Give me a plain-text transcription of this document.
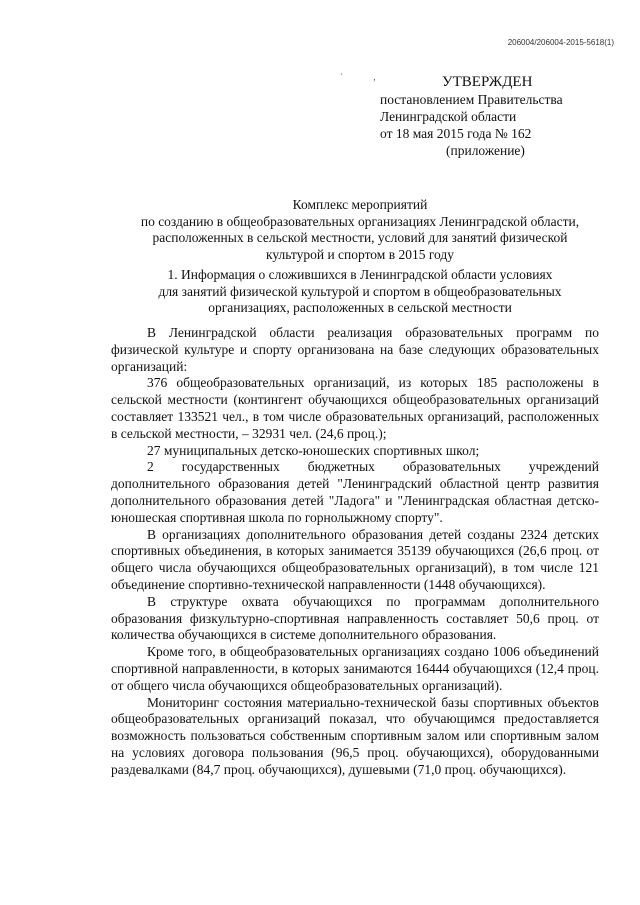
206004/206004-2015-5618(1)
` ,	УТВЕРЖДЕН
постановлением Правительства
Ленинградской области
от 18 мая 2015 года № 162
(приложение)
Комплекс мероприятий
по созданию в общеобразовательных организациях Ленинградской области,
расположенных в сельской местности, условий для занятий физической
культурой и спортом в 2015 году
1. Информация о сложившихся в Ленинградской области условиях
для занятий физической культурой и спортом в общеобразовательных
организациях, расположенных в сельской местности

В Ленинградской области реализация образовательных программ по физической культуре и спорту организована на базе следующих образовательных организаций:

376 общеобразовательных организаций, из которых 185 расположены в сельской местности (контингент обучающихся общеобразовательных организаций составляет 133521 чел., в том числе образовательных организаций, расположенных в сельской местности, – 32931 чел. (24,6 проц.);

27 муниципальных детско-юношеских спортивных школ;

2 государственных бюджетных образовательных учреждений дополнительного образования детей "Ленинградский областной центр развития дополнительного образования детей "Ладога" и "Ленинградская областная детско-юношеская спортивная школа по горнолыжному спорту".

В организациях дополнительного образования детей созданы 2324 детских спортивных объединения, в которых занимается 35139 обучающихся (26,6 проц. от общего числа обучающихся общеобразовательных организаций), в том числе 121 объединение спортивно-технической направленности (1448 обучающихся).

В структуре охвата обучающихся по программам дополнительного образования физкультурно-спортивная направленность составляет 50,6 проц. от количества обучающихся в системе дополнительного образования.

Кроме того, в общеобразовательных организациях создано 1006 объединений спортивной направленности, в которых занимаются 16444 обучающихся (12,4 проц. от общего числа обучающихся общеобразовательных организаций).

Мониторинг состояния материально-технической базы спортивных объектов общеобразовательных организаций показал, что обучающимся предоставляется возможность пользоваться собственным спортивным залом или спортивным залом на условиях договора пользования (96,5 проц. обучающихся), оборудованными раздевалками (84,7 проц. обучающихся), душевыми (71,0 проц. обучающихся).
